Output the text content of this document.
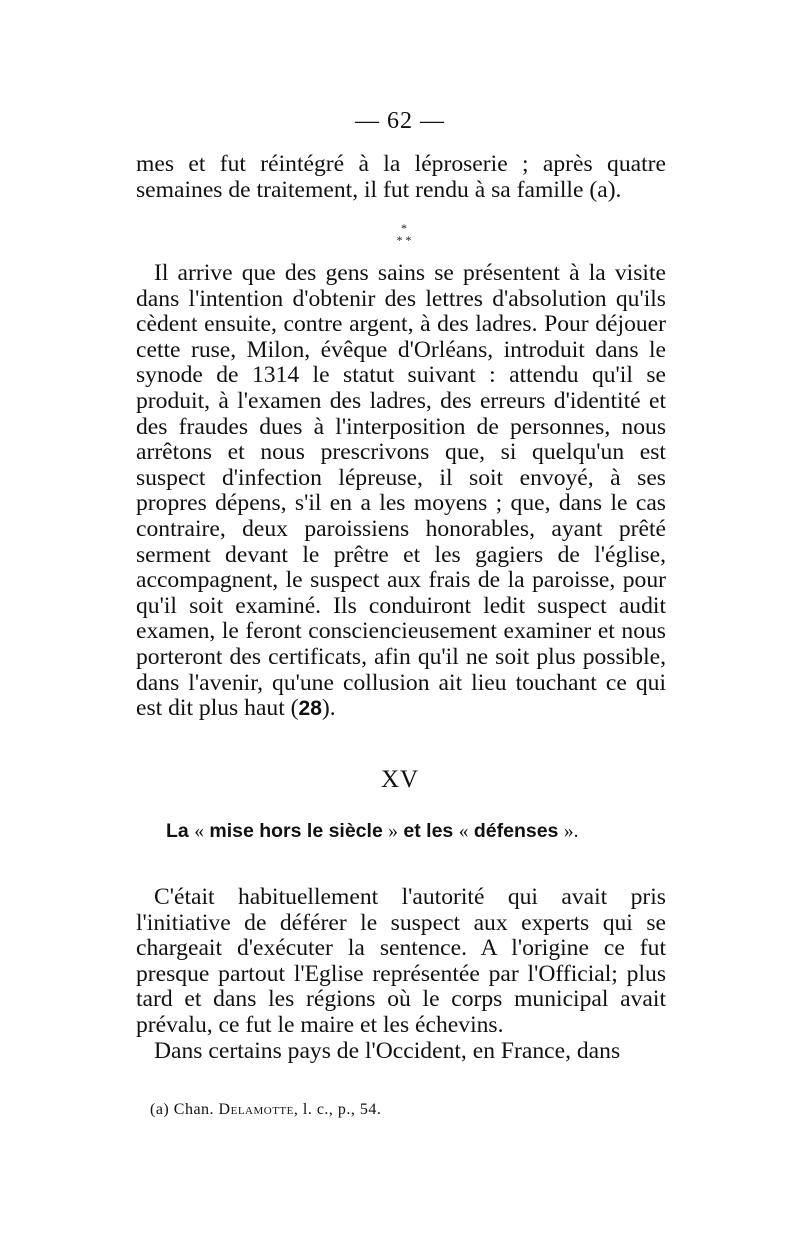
— 62 —

mes et fut réintégré à la léproserie ; après quatre semaines de traitement, il fut rendu à sa famille (a).

*
* *

Il arrive que des gens sains se présentent à la visite dans l'intention d'obtenir des lettres d'absolution qu'ils cèdent ensuite, contre argent, à des ladres. Pour déjouer cette ruse, Milon, évêque d'Orléans, introduit dans le synode de 1314 le statut suivant : attendu qu'il se produit, à l'examen des ladres, des erreurs d'identité et des fraudes dues à l'interposition de personnes, nous arrêtons et nous prescrivons que, si quelqu'un est suspect d'infection lépreuse, il soit envoyé, à ses propres dépens, s'il en a les moyens ; que, dans le cas contraire, deux paroissiens honorables, ayant prêté serment devant le prêtre et les gagiers de l'église, accompagnent, le suspect aux frais de la paroisse, pour qu'il soit examiné. Ils conduiront ledit suspect audit examen, le feront consciencieusement examiner et nous porteront des certificats, afin qu'il ne soit plus possible, dans l'avenir, qu'une collusion ait lieu touchant ce qui est dit plus haut (28).

XV
La « mise hors le siècle » et les « défenses ».

C'était habituellement l'autorité qui avait pris l'initiative de déférer le suspect aux experts qui se chargeait d'exécuter la sentence. A l'origine ce fut presque partout l'Eglise représentée par l'Official; plus tard et dans les régions où le corps municipal avait prévalu, ce fut le maire et les échevins.

Dans certains pays de l'Occident, en France, dans

(a) Chan. Delamotte, l. c., p., 54.
